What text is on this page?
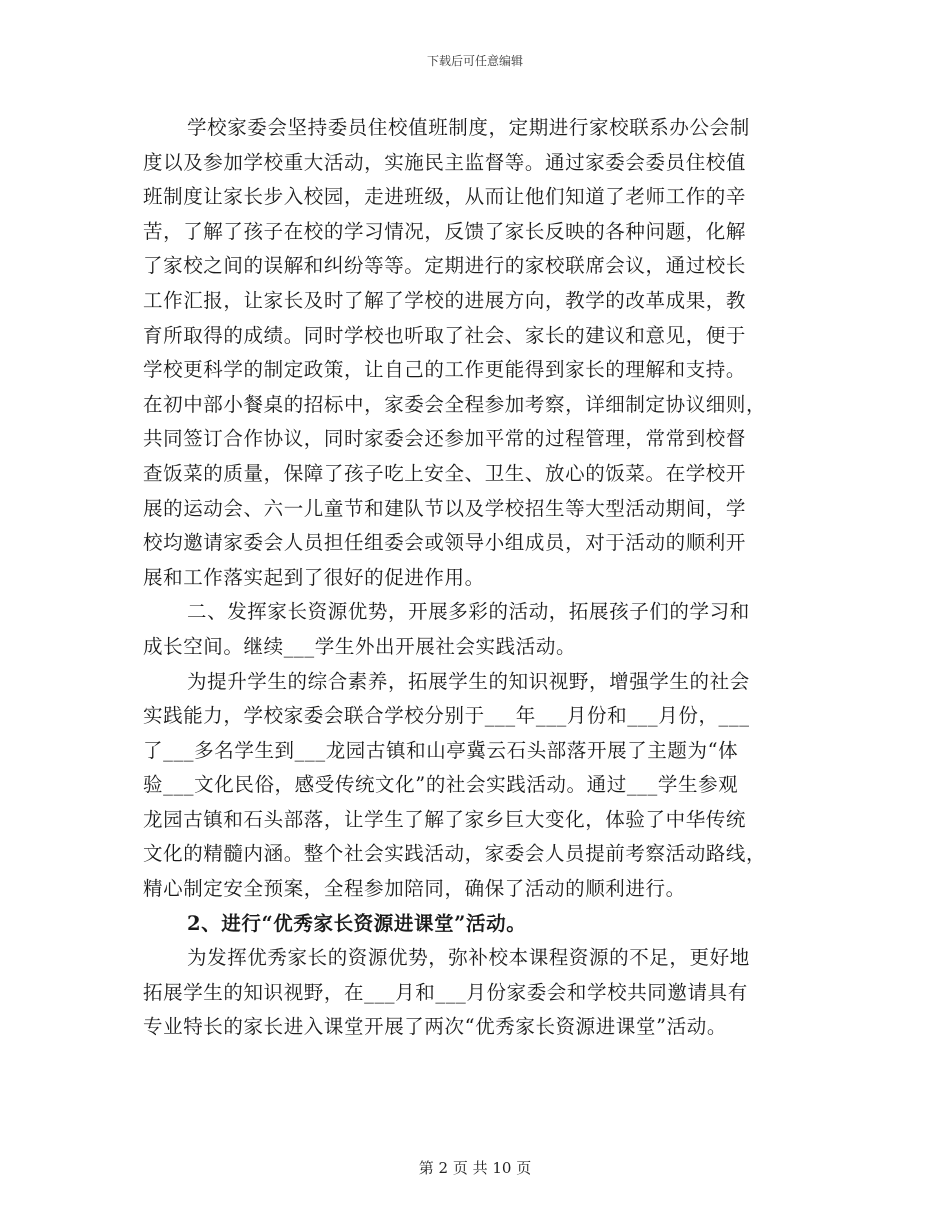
下载后可任意编辑
学校家委会坚持委员住校值班制度，定期进行家校联系办公会制
度以及参加学校重大活动，实施民主监督等。通过家委会委员住校值
班制度让家长步入校园，走进班级，从而让他们知道了老师工作的辛
苦，了解了孩子在校的学习情况，反馈了家长反映的各种问题，化解
了家校之间的误解和纠纷等等。定期进行的家校联席会议，通过校长
工作汇报，让家长及时了解了学校的进展方向，教学的改革成果，教
育所取得的成绩。同时学校也听取了社会、家长的建议和意见，便于
学校更科学的制定政策，让自己的工作更能得到家长的理解和支持。
在初中部小餐桌的招标中，家委会全程参加考察，详细制定协议细则，
共同签订合作协议，同时家委会还参加平常的过程管理，常常到校督
查饭菜的质量，保障了孩子吃上安全、卫生、放心的饭菜。在学校开
展的运动会、六一儿童节和建队节以及学校招生等大型活动期间，学
校均邀请家委会人员担任组委会或领导小组成员，对于活动的顺利开
展和工作落实起到了很好的促进作用。
二、发挥家长资源优势，开展多彩的活动，拓展孩子们的学习和
成长空间。继续___学生外出开展社会实践活动。
为提升学生的综合素养，拓展学生的知识视野，增强学生的社会
实践能力，学校家委会联合学校分别于___年___月份和___月份，___
了___多名学生到___龙园古镇和山亭冀云石头部落开展了主题为“体
验___文化民俗，感受传统文化”的社会实践活动。通过___学生参观
龙园古镇和石头部落，让学生了解了家乡巨大变化，体验了中华传统
文化的精髓内涵。整个社会实践活动，家委会人员提前考察活动路线，
精心制定安全预案，全程参加陪同，确保了活动的顺利进行。
2、进行“优秀家长资源进课堂”活动。
为发挥优秀家长的资源优势，弥补校本课程资源的不足，更好地
拓展学生的知识视野，在___月和___月份家委会和学校共同邀请具有
专业特长的家长进入课堂开展了两次“优秀家长资源进课堂”活动。
第 2 页 共 10 页
